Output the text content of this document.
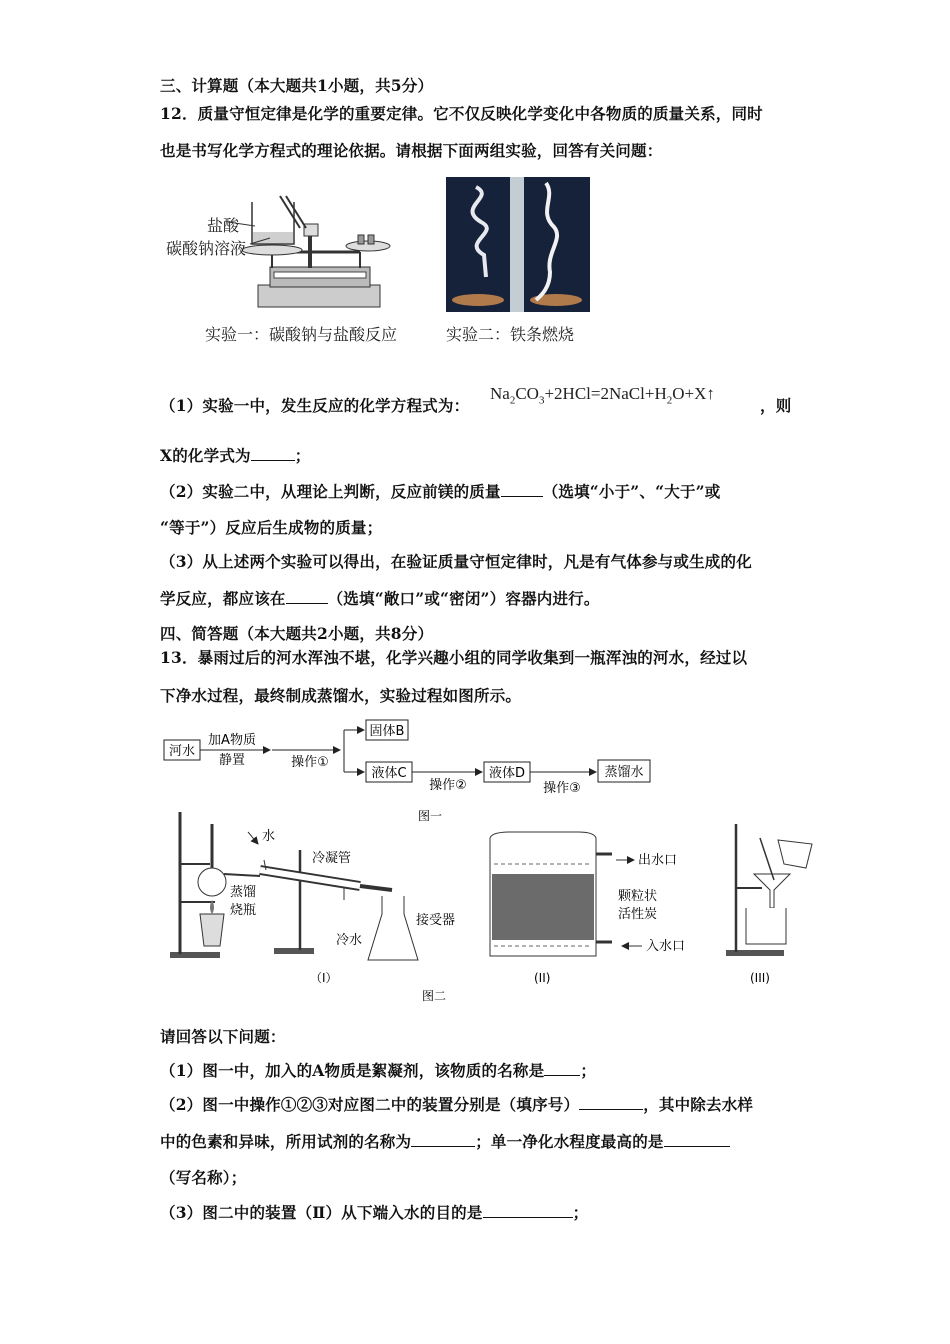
三、计算题（本大题共1小题，共5分）
12．质量守恒定律是化学的重要定律。它不仅反映化学变化中各物质的质量关系，同时
也是书写化学方程式的理论依据。请根据下面两组实验，回答有关问题：
盐酸
碳酸钠溶液
实验一：碳酸钠与盐酸反应	实验二：铁条燃烧
（1）实验一中，发生反应的化学方程式为：
$Na_2CO_3+2HCl=2NaCl+H_2O+X↑$
，则
X的化学式为	；
（2）实验二中，从理论上判断，反应前镁的质量	（选填“小于”、“大于”或
“等于”）反应后生成物的质量；
（3）从上述两个实验可以得出，在验证质量守恒定律时，凡是有气体参与或生成的化
学反应，都应该在	（选填“敞口”或“密闭”）容器内进行。
四、简答题（本大题共2小题，共8分）
13．暴雨过后的河水浑浊不堪，化学兴趣小组的同学收集到一瓶浑浊的河水，经过以
下净水过程，最终制成蒸馏水，实验过程如图所示。
河水
加A物质
静置	操作①
固体B
液体C
操作②
液体D
操作③
蒸馏水
图一
水
蒸馏
烧瓶
冷凝管
冷水
接受器
（I）
出水口
颗粒状
活性炭
入水口
(II)	(III)
图二
请回答以下问题：
（1）图一中，加入的A物质是絮凝剂，该物质的名称是 ；
（2）图一中操作①②③对应图二中的装置分别是（填序号）	，其中除去水样
中的色素和异味，所用试剂的名称为	；单一净化水程度最高的是
（写名称）；
（3）图二中的装置（Ⅱ）从下端入水的目的是	；
